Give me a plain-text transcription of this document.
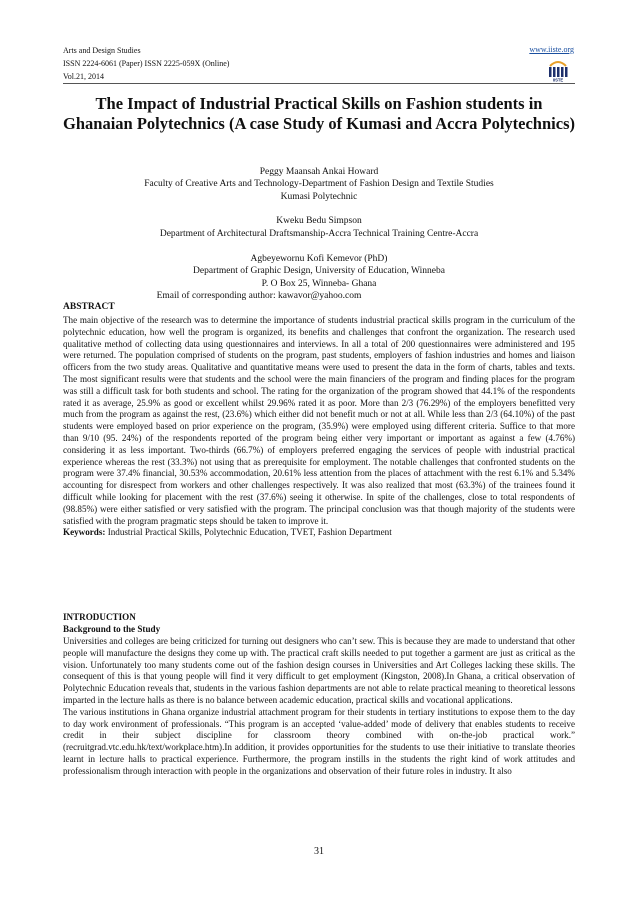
Arts and Design Studies
ISSN 2224-6061 (Paper) ISSN 2225-059X (Online)
Vol.21, 2014
www.iiste.org
IISTE
The Impact of Industrial Practical Skills on Fashion students in Ghanaian Polytechnics (A case Study of Kumasi and Accra Polytechnics)
Peggy Maansah Ankai Howard
Faculty of Creative Arts and Technology-Department of Fashion Design and Textile Studies
Kumasi Polytechnic
Kweku Bedu Simpson
Department of Architectural Draftsmanship-Accra Technical Training Centre-Accra
Agbeyewornu Kofi Kemevor (PhD)
Department of Graphic Design, University of Education, Winneba
P. O Box 25, Winneba- Ghana
Email of corresponding author: kawavor@yahoo.com
ABSTRACT
The main objective of the research was to determine the importance of students industrial practical skills program in the curriculum of the polytechnic education, how well the program is organized, its benefits and challenges that confront the organization. The research used qualitative method of collecting data using questionnaires and interviews. In all a total of 200 questionnaires were administered and 195 were returned. The population comprised of students on the program, past students, employers of fashion industries and homes and liaison officers from the two study areas. Qualitative and quantitative means were used to present the data in the form of charts, tables and texts. The most significant results were that students and the school were the main financiers of the program and finding places for the program was still a difficult task for both students and school. The rating for the organization of the program showed that 44.1% of the respondents rated it as average, 25.9% as good or excellent whilst 29.96% rated it as poor. More than 2/3 (76.29%) of the employers benefitted very much from the program as against the rest, (23.6%) which either did not benefit much or not at all. While less than 2/3 (64.10%) of the past students were employed based on prior experience on the program, (35.9%) were employed using different criteria. Suffice to that more than 9/10 (95. 24%) of the respondents reported of the program being either very important or important as against a few (4.76%) considering it as less important. Two-thirds (66.7%) of employers preferred engaging the services of people with industrial practical experience whereas the rest (33.3%) not using that as prerequisite for employment. The notable challenges that confronted students on the program were 37.4% financial, 30.53% accommodation, 20.61% less attention from the places of attachment with the rest 6.1% and 5.34% accounting for disrespect from workers and other challenges respectively. It was also realized that most (63.3%) of the trainees found it difficult while looking for placement with the rest (37.6%) seeing it otherwise. In spite of the challenges, close to total respondents of (98.85%) were either satisfied or very satisfied with the program. The principal conclusion was that though majority of the students were satisfied with the program pragmatic steps should be taken to improve it.
Keywords: Industrial Practical Skills, Polytechnic Education, TVET, Fashion Department
INTRODUCTION
Background to the Study
Universities and colleges are being criticized for turning out designers who can’t sew. This is because they are made to understand that other people will manufacture the designs they come up with. The practical craft skills needed to put together a garment are just as critical as the vision. Unfortunately too many students come out of the fashion design courses in Universities and Art Colleges lacking these skills. The consequent of this is that young people will find it very difficult to get employment (Kingston, 2008).In Ghana, a critical observation of Polytechnic Education reveals that, students in the various fashion departments are not able to relate practical meaning to theoretical lessons imparted in the lecture halls as there is no balance between academic education, practical skills and vocational applications.
The various institutions in Ghana organize industrial attachment program for their students in tertiary institutions to expose them to the day to day work environment of professionals. “This program is an accepted ‘value-added’ mode of delivery that enables students to receive credit in their subject discipline for classroom theory combined with on-the-job practical work.” (recruitgrad.vtc.edu.hk/text/workplace.htm).In addition, it provides opportunities for the students to use their initiative to translate theories learnt in lecture halls to practical experience. Furthermore, the program instills in the students the right kind of work attitudes and professionalism through interaction with people in the organizations and observation of their future roles in industry. It also
31
